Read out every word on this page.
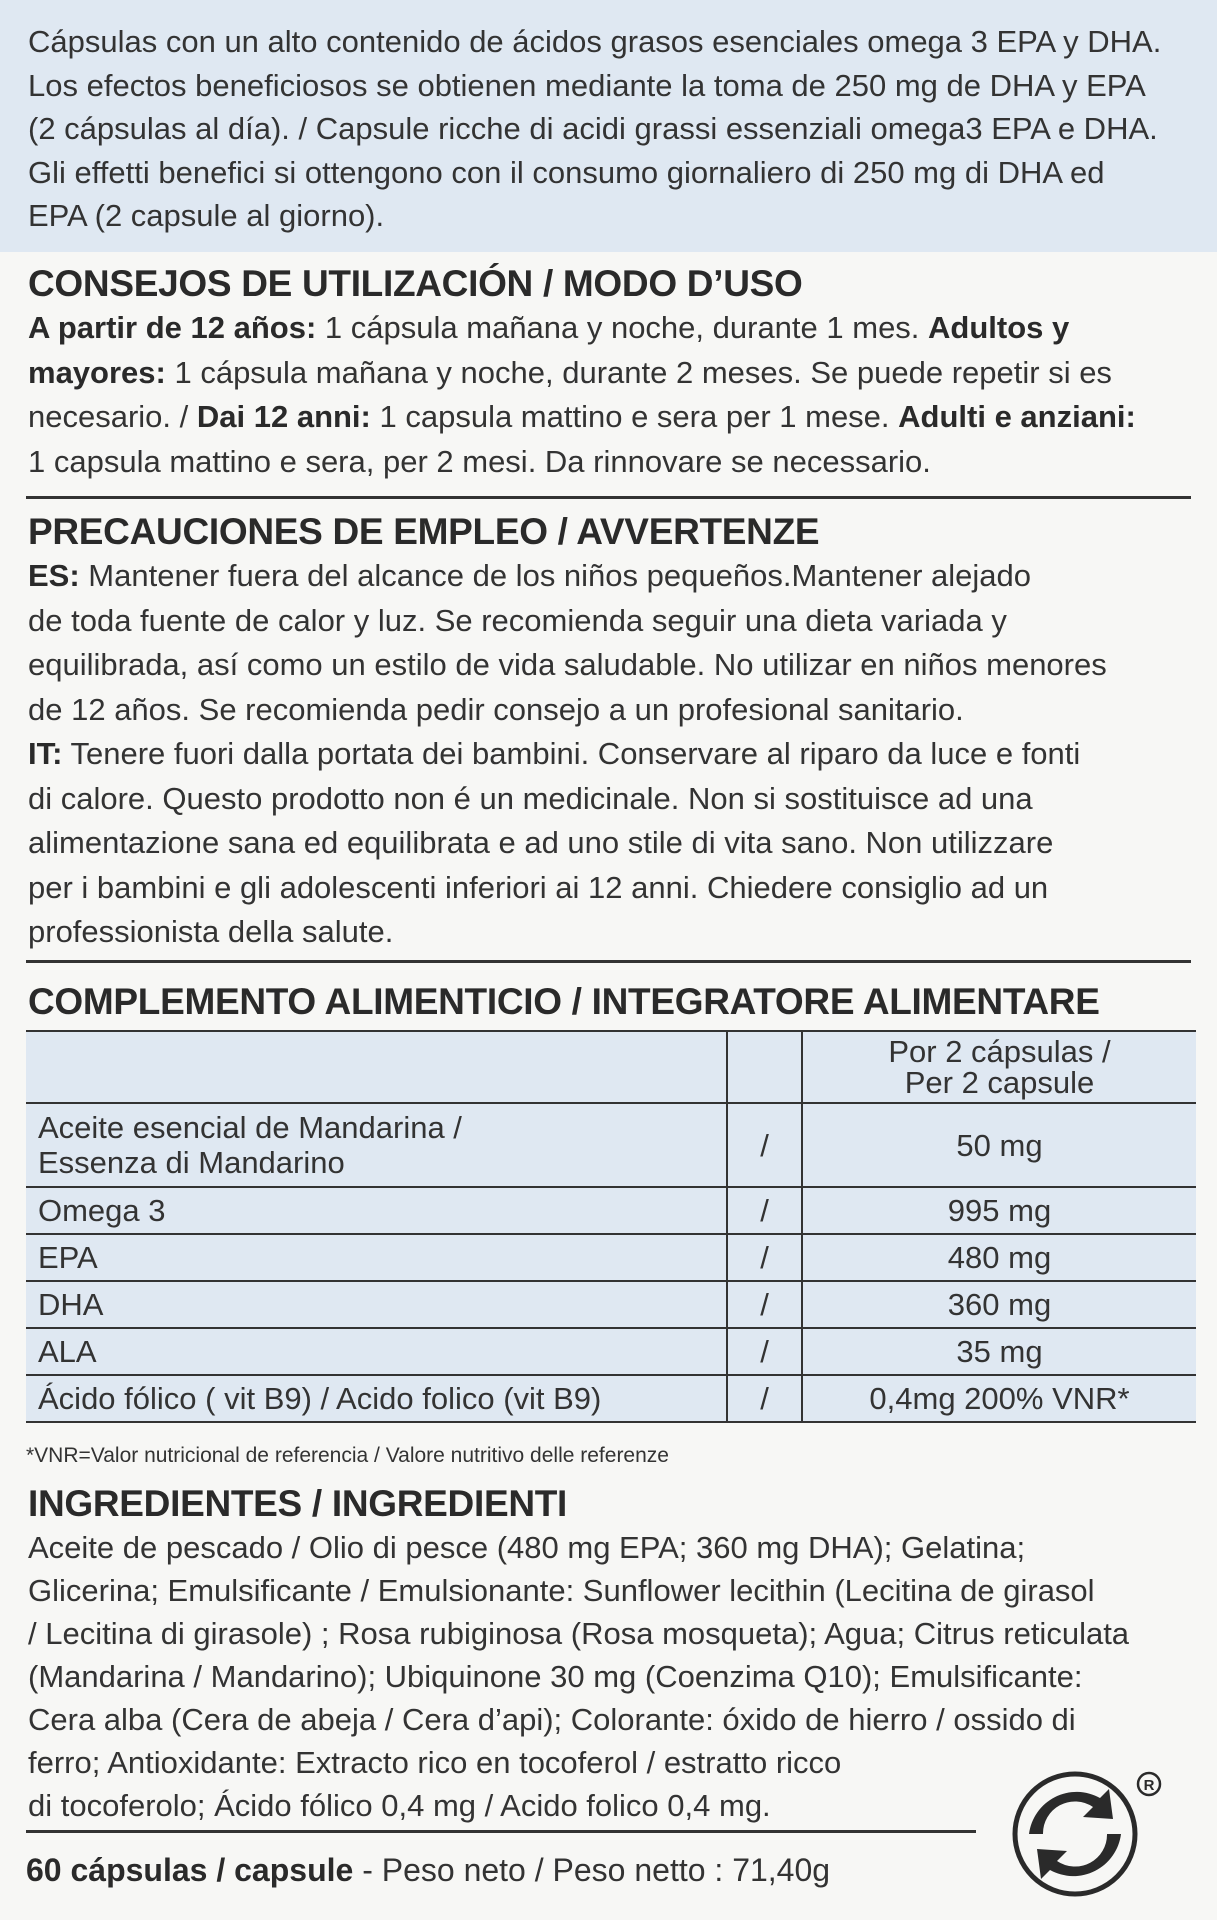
Cápsulas con un alto contenido de ácidos grasos esenciales omega 3 EPA y DHA.
Los efectos beneficiosos se obtienen mediante la toma de 250 mg de DHA y EPA
(2 cápsulas al día). / Capsule ricche di acidi grassi essenziali omega3 EPA e DHA.
Gli effetti benefici si ottengono con il consumo giornaliero di 250 mg di DHA ed
EPA (2 capsule al giorno).
CONSEJOS DE UTILIZACIÓN / MODO D’USO
A partir de 12 años: 1 cápsula mañana y noche, durante 1 mes. Adultos y
mayores: 1 cápsula mañana y noche, durante 2 meses. Se puede repetir si es
necesario. / Dai 12 anni: 1 capsula mattino e sera per 1 mese. Adulti e anziani:
1 capsula mattino e sera, per 2 mesi. Da rinnovare se necessario.
PRECAUCIONES DE EMPLEO / AVVERTENZE
ES: Mantener fuera del alcance de los niños pequeños.Mantener alejado
de toda fuente de calor y luz. Se recomienda seguir una dieta variada y
equilibrada, así como un estilo de vida saludable. No utilizar en niños menores
de 12 años. Se recomienda pedir consejo a un profesional sanitario.
IT: Tenere fuori dalla portata dei bambini. Conservare al riparo da luce e fonti
di calore. Questo prodotto non é un medicinale. Non si sostituisce ad una
alimentazione sana ed equilibrata e ad uno stile di vita sano. Non utilizzare
per i bambini e gli adolescenti inferiori ai 12 anni. Chiedere consiglio ad un
professionista della salute.
COMPLEMENTO ALIMENTICIO / INTEGRATORE ALIMENTARE

		Por 2 cápsulas /
Per 2 capsule

Aceite esencial de Mandarina /
Essenza di Mandarino	/	50 mg
Omega 3	/	995 mg
EPA	/	480 mg
DHA	/	360 mg
ALA	/	35 mg
Ácido fólico ( vit B9) / Acido folico (vit B9)	/	0,4mg 200% VNR*
*VNR=Valor nutricional de referencia / Valore nutritivo delle referenze
INGREDIENTES / INGREDIENTI
Aceite de pescado / Olio di pesce (480 mg EPA; 360 mg DHA); Gelatina;
Glicerina; Emulsificante / Emulsionante: Sunflower lecithin (Lecitina de girasol
/ Lecitina di girasole) ; Rosa rubiginosa (Rosa mosqueta); Agua; Citrus reticulata
(Mandarina / Mandarino); Ubiquinone 30 mg (Coenzima Q10); Emulsificante:
Cera alba (Cera de abeja / Cera d’api); Colorante: óxido de hierro / ossido di
ferro; Antioxidante: Extracto rico en tocoferol / estratto ricco
di tocoferolo; Ácido fólico 0,4 mg / Acido folico 0,4 mg.
R
60 cápsulas / capsule - Peso neto / Peso netto : 71,40g
